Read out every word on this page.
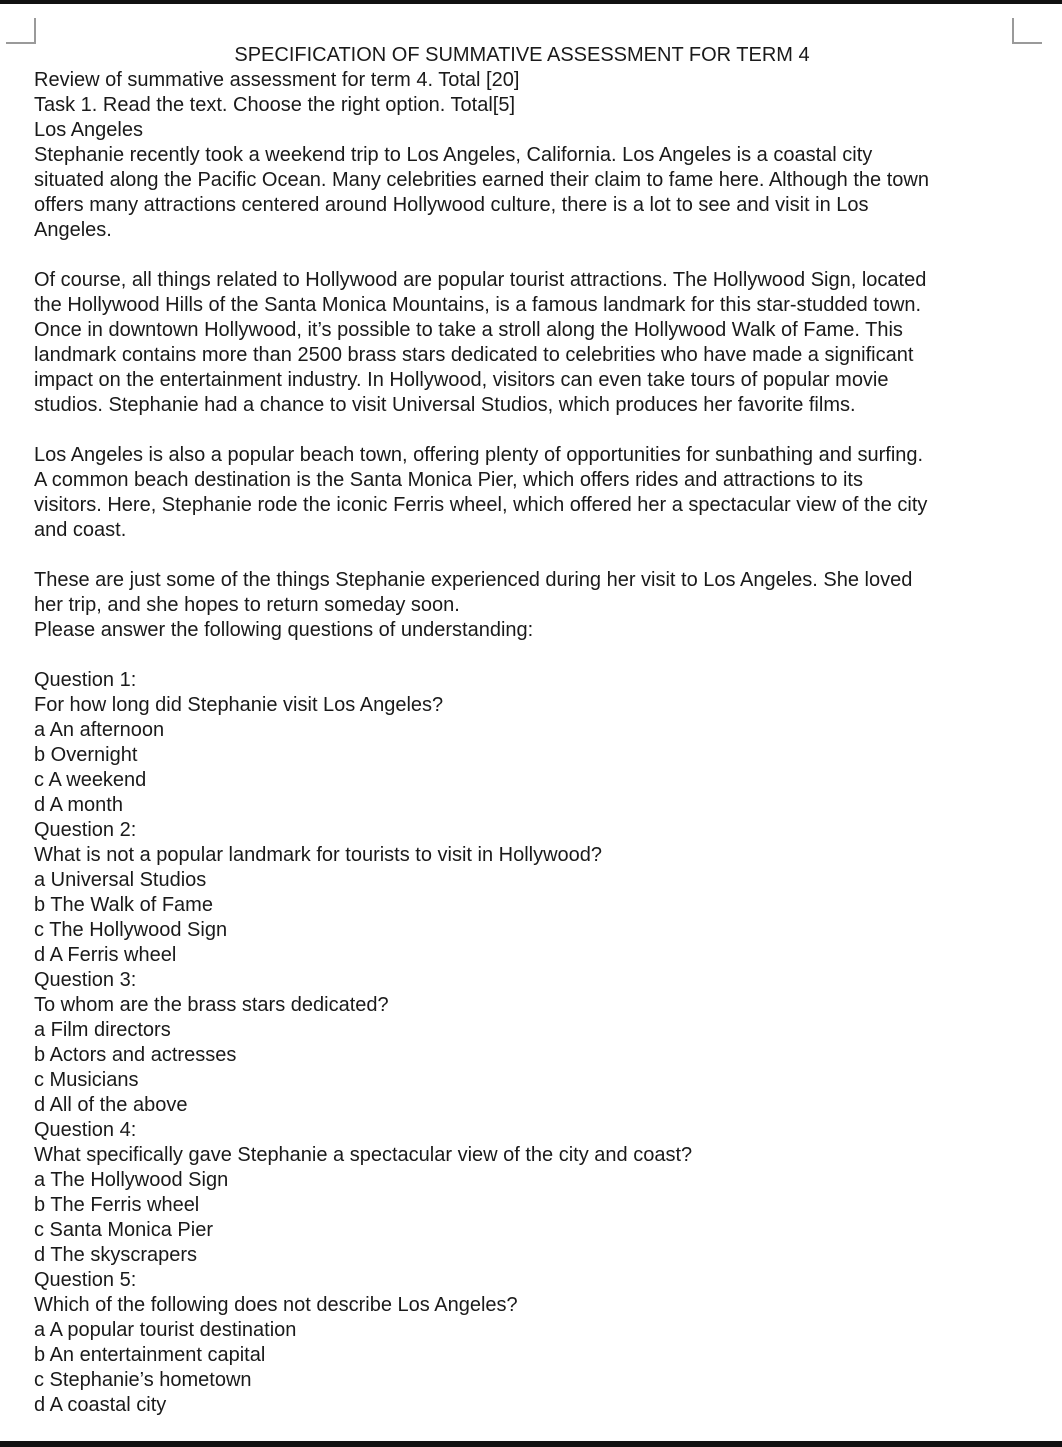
SPECIFICATION OF SUMMATIVE ASSESSMENT FOR TERM 4
Review of summative assessment for term 4. Total [20]
Task 1. Read the text. Choose the right option. Total[5]
Los Angeles
Stephanie recently took a weekend trip to Los Angeles, California. Los Angeles is a coastal city
situated along the Pacific Ocean. Many celebrities earned their claim to fame here. Although the town
offers many attractions centered around Hollywood culture, there is a lot to see and visit in Los
Angeles.
Of course, all things related to Hollywood are popular tourist attractions. The Hollywood Sign, located
the Hollywood Hills of the Santa Monica Mountains, is a famous landmark for this star-studded town.
Once in downtown Hollywood, it’s possible to take a stroll along the Hollywood Walk of Fame. This
landmark contains more than 2500 brass stars dedicated to celebrities who have made a significant
impact on the entertainment industry. In Hollywood, visitors can even take tours of popular movie
studios. Stephanie had a chance to visit Universal Studios, which produces her favorite films.
Los Angeles is also a popular beach town, offering plenty of opportunities for sunbathing and surfing.
A common beach destination is the Santa Monica Pier, which offers rides and attractions to its
visitors. Here, Stephanie rode the iconic Ferris wheel, which offered her a spectacular view of the city
and coast.
These are just some of the things Stephanie experienced during her visit to Los Angeles. She loved
her trip, and she hopes to return someday soon.
Please answer the following questions of understanding:
Question 1:
For how long did Stephanie visit Los Angeles?
a An afternoon
b Overnight
c A weekend
d A month
Question 2:
What is not a popular landmark for tourists to visit in Hollywood?
a Universal Studios
b The Walk of Fame
c The Hollywood Sign
d A Ferris wheel
Question 3:
To whom are the brass stars dedicated?
a Film directors
b Actors and actresses
c Musicians
d All of the above
Question 4:
What specifically gave Stephanie a spectacular view of the city and coast?
a The Hollywood Sign
b The Ferris wheel
c Santa Monica Pier
d The skyscrapers
Question 5:
Which of the following does not describe Los Angeles?
a A popular tourist destination
b An entertainment capital
c Stephanie’s hometown
d A coastal city
